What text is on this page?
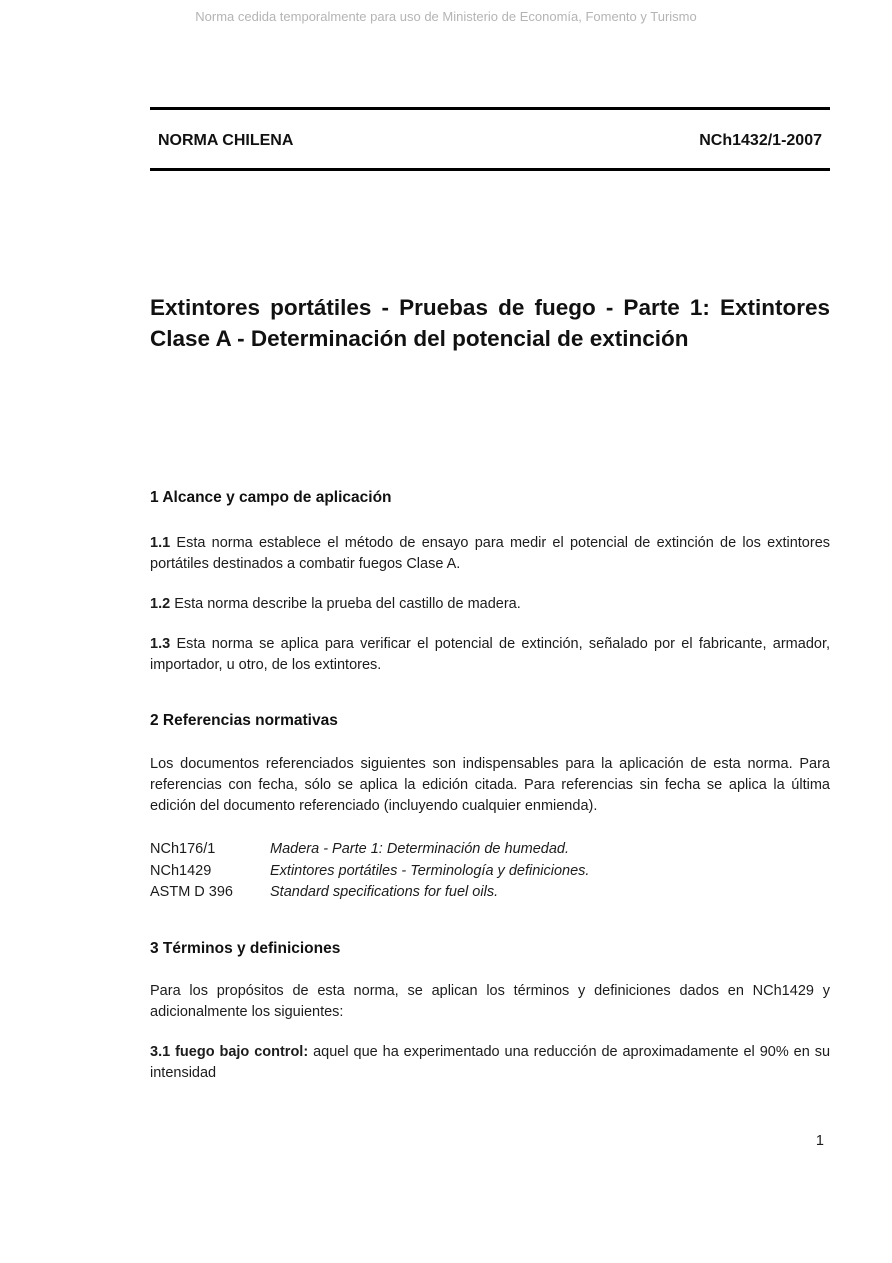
Norma cedida temporalmente para uso de Ministerio de Economía, Fomento y Turismo
NORMA CHILENA	NCh1432/1-2007
Extintores portátiles - Pruebas de fuego - Parte 1: Extintores Clase A - Determinación del potencial de extinción
1 Alcance y campo de aplicación

1.1 Esta norma establece el método de ensayo para medir el potencial de extinción de los extintores portátiles destinados a combatir fuegos Clase A.

1.2 Esta norma describe la prueba del castillo de madera.

1.3 Esta norma se aplica para verificar el potencial de extinción, señalado por el fabricante, armador, importador, u otro, de los extintores.

2 Referencias normativas

Los documentos referenciados siguientes son indispensables para la aplicación de esta norma. Para referencias con fecha, sólo se aplica la edición citada. Para referencias sin fecha se aplica la última edición del documento referenciado (incluyendo cualquier enmienda).

NCh176/1	Madera - Parte 1: Determinación de humedad.
NCh1429	Extintores portátiles - Terminología y definiciones.
ASTM D 396	Standard specifications for fuel oils.
3 Términos y definiciones

Para los propósitos de esta norma, se aplican los términos y definiciones dados en NCh1429 y adicionalmente los siguientes:

3.1 fuego bajo control: aquel que ha experimentado una reducción de aproximadamente el 90% en su intensidad

1
